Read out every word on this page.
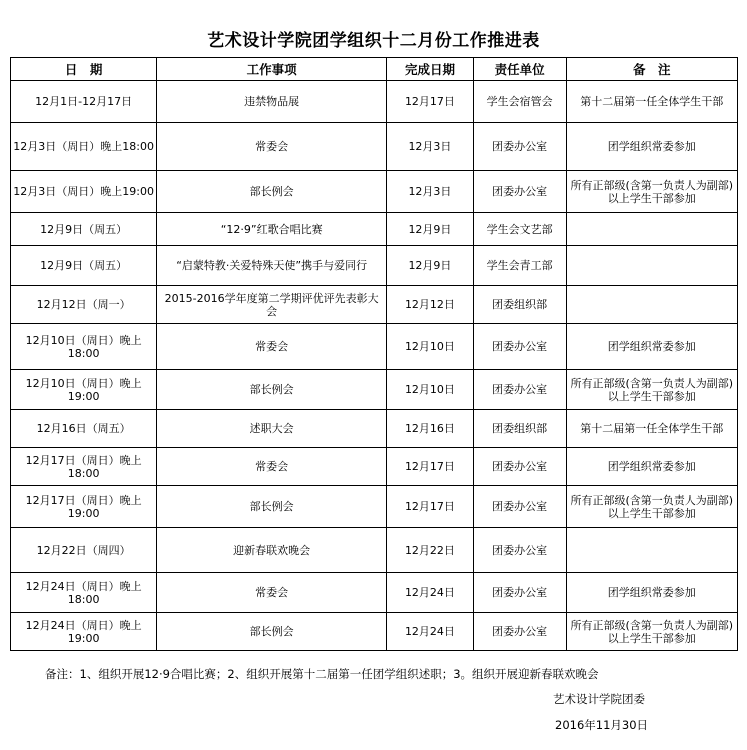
艺术设计学院团学组织十二月份工作推进表
日　期	工作事项	完成日期	责任单位	备　注
12月1日-12月17日	违禁物品展	12月17日	学生会宿管会	第十二届第一任全体学生干部
12月3日（周日）晚上18:00	常委会	12月3日	团委办公室	团学组织常委参加
12月3日（周日）晚上19:00	部长例会	12月3日	团委办公室	所有正部级(含第一负责人为副部)以上学生干部参加
12月9日（周五）	“12·9”红歌合唱比赛	12月9日	学生会文艺部	
12月9日（周五）	“启蒙特教·关爱特殊天使”携手与爱同行	12月9日	学生会青工部	
12月12日（周一）	2015-2016学年度第二学期评优评先表彰大会	12月12日	团委组织部	
12月10日（周日）晚上18:00	常委会	12月10日	团委办公室	团学组织常委参加
12月10日（周日）晚上19:00	部长例会	12月10日	团委办公室	所有正部级(含第一负责人为副部)以上学生干部参加
12月16日（周五）	述职大会	12月16日	团委组织部	第十二届第一任全体学生干部
12月17日（周日）晚上18:00	常委会	12月17日	团委办公室	团学组织常委参加
12月17日（周日）晚上19:00	部长例会	12月17日	团委办公室	所有正部级(含第一负责人为副部)以上学生干部参加
12月22日（周四）	迎新春联欢晚会	12月22日	团委办公室	
12月24日（周日）晚上18:00	常委会	12月24日	团委办公室	团学组织常委参加
12月24日（周日）晚上19:00	部长例会	12月24日	团委办公室	所有正部级(含第一负责人为副部)以上学生干部参加
备注：1、组织开展12·9合唱比赛；2、组织开展第十二届第一任团学组织述职；3。组织开展迎新春联欢晚会
艺术设计学院团委
2016年11月30日
